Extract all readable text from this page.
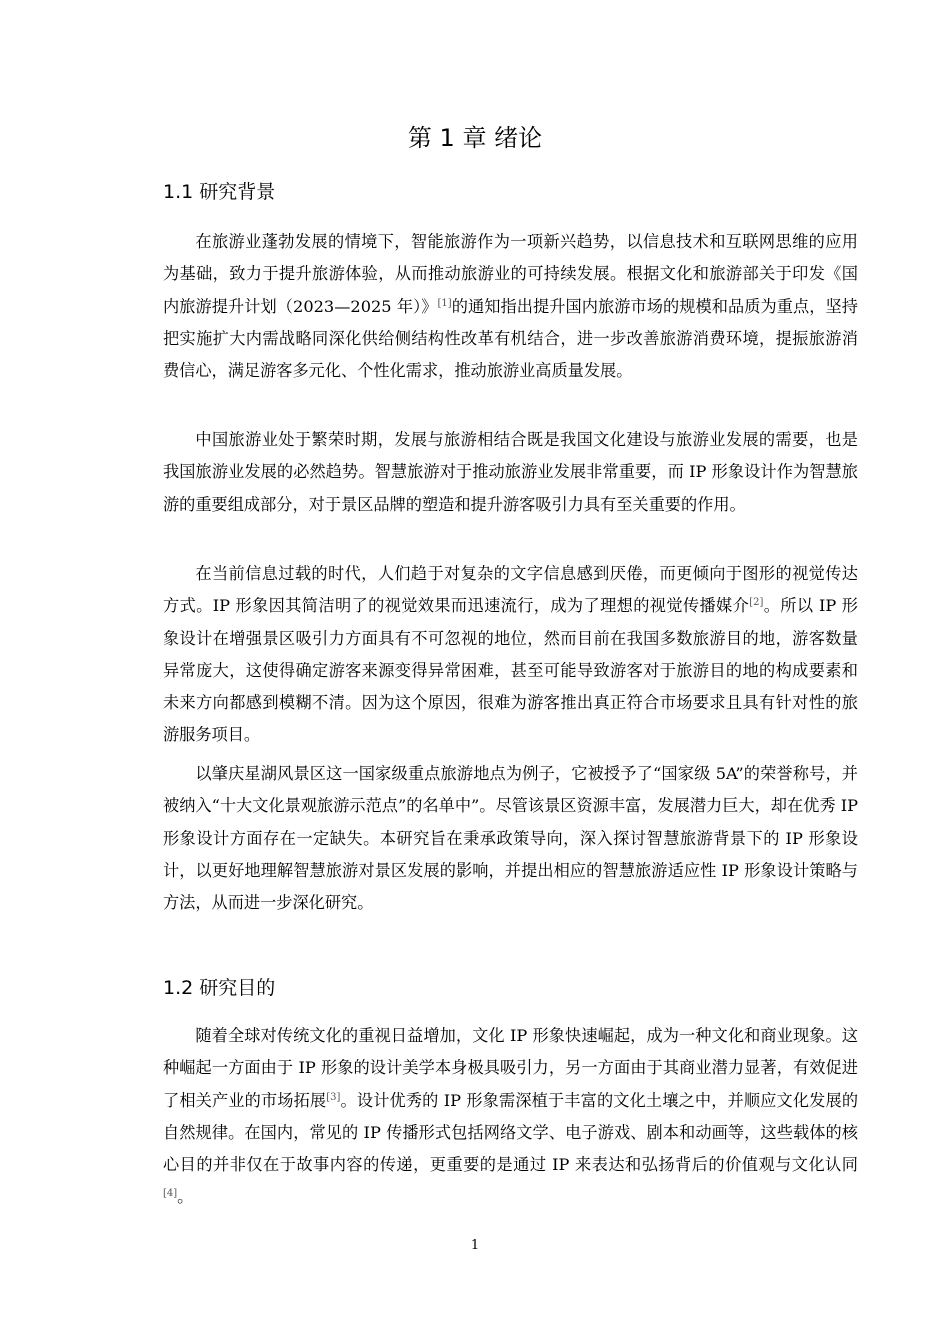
第 1 章 绪论
1.1 研究背景

在旅游业蓬勃发展的情境下，智能旅游作为一项新兴趋势，以信息技术和互联网思维的应用为基础，致力于提升旅游体验，从而推动旅游业的可持续发展。根据文化和旅游部关于印发《国内旅游提升计划（2023—2025 年）》[1]的通知指出提升国内旅游市场的规模和品质为重点，坚持把实施扩大内需战略同深化供给侧结构性改革有机结合，进一步改善旅游消费环境，提振旅游消费信心，满足游客多元化、个性化需求，推动旅游业高质量发展。

中国旅游业处于繁荣时期，发展与旅游相结合既是我国文化建设与旅游业发展的需要，也是我国旅游业发展的必然趋势。智慧旅游对于推动旅游业发展非常重要，而 IP 形象设计作为智慧旅游的重要组成部分，对于景区品牌的塑造和提升游客吸引力具有至关重要的作用。

在当前信息过载的时代，人们趋于对复杂的文字信息感到厌倦，而更倾向于图形的视觉传达方式。IP 形象因其简洁明了的视觉效果而迅速流行，成为了理想的视觉传播媒介[2]。所以 IP 形象设计在增强景区吸引力方面具有不可忽视的地位，然而目前在我国多数旅游目的地，游客数量异常庞大，这使得确定游客来源变得异常困难，甚至可能导致游客对于旅游目的地的构成要素和未来方向都感到模糊不清。因为这个原因，很难为游客推出真正符合市场要求且具有针对性的旅游服务项目。

以肇庆星湖风景区这一国家级重点旅游地点为例子，它被授予了“国家级 5A”的荣誉称号，并被纳入“十大文化景观旅游示范点”的名单中”。尽管该景区资源丰富，发展潜力巨大，却在优秀 IP 形象设计方面存在一定缺失。本研究旨在秉承政策导向，深入探讨智慧旅游背景下的 IP 形象设计，以更好地理解智慧旅游对景区发展的影响，并提出相应的智慧旅游适应性 IP 形象设计策略与方法，从而进一步深化研究。

1.2 研究目的

随着全球对传统文化的重视日益增加，文化 IP 形象快速崛起，成为一种文化和商业现象。这种崛起一方面由于 IP 形象的设计美学本身极具吸引力，另一方面由于其商业潜力显著，有效促进了相关产业的市场拓展[3]。设计优秀的 IP 形象需深植于丰富的文化土壤之中，并顺应文化发展的自然规律。在国内，常见的 IP 传播形式包括网络文学、电子游戏、剧本和动画等，这些载体的核心目的并非仅在于故事内容的传递，更重要的是通过 IP 来表达和弘扬背后的价值观与文化认同[4]。

1
